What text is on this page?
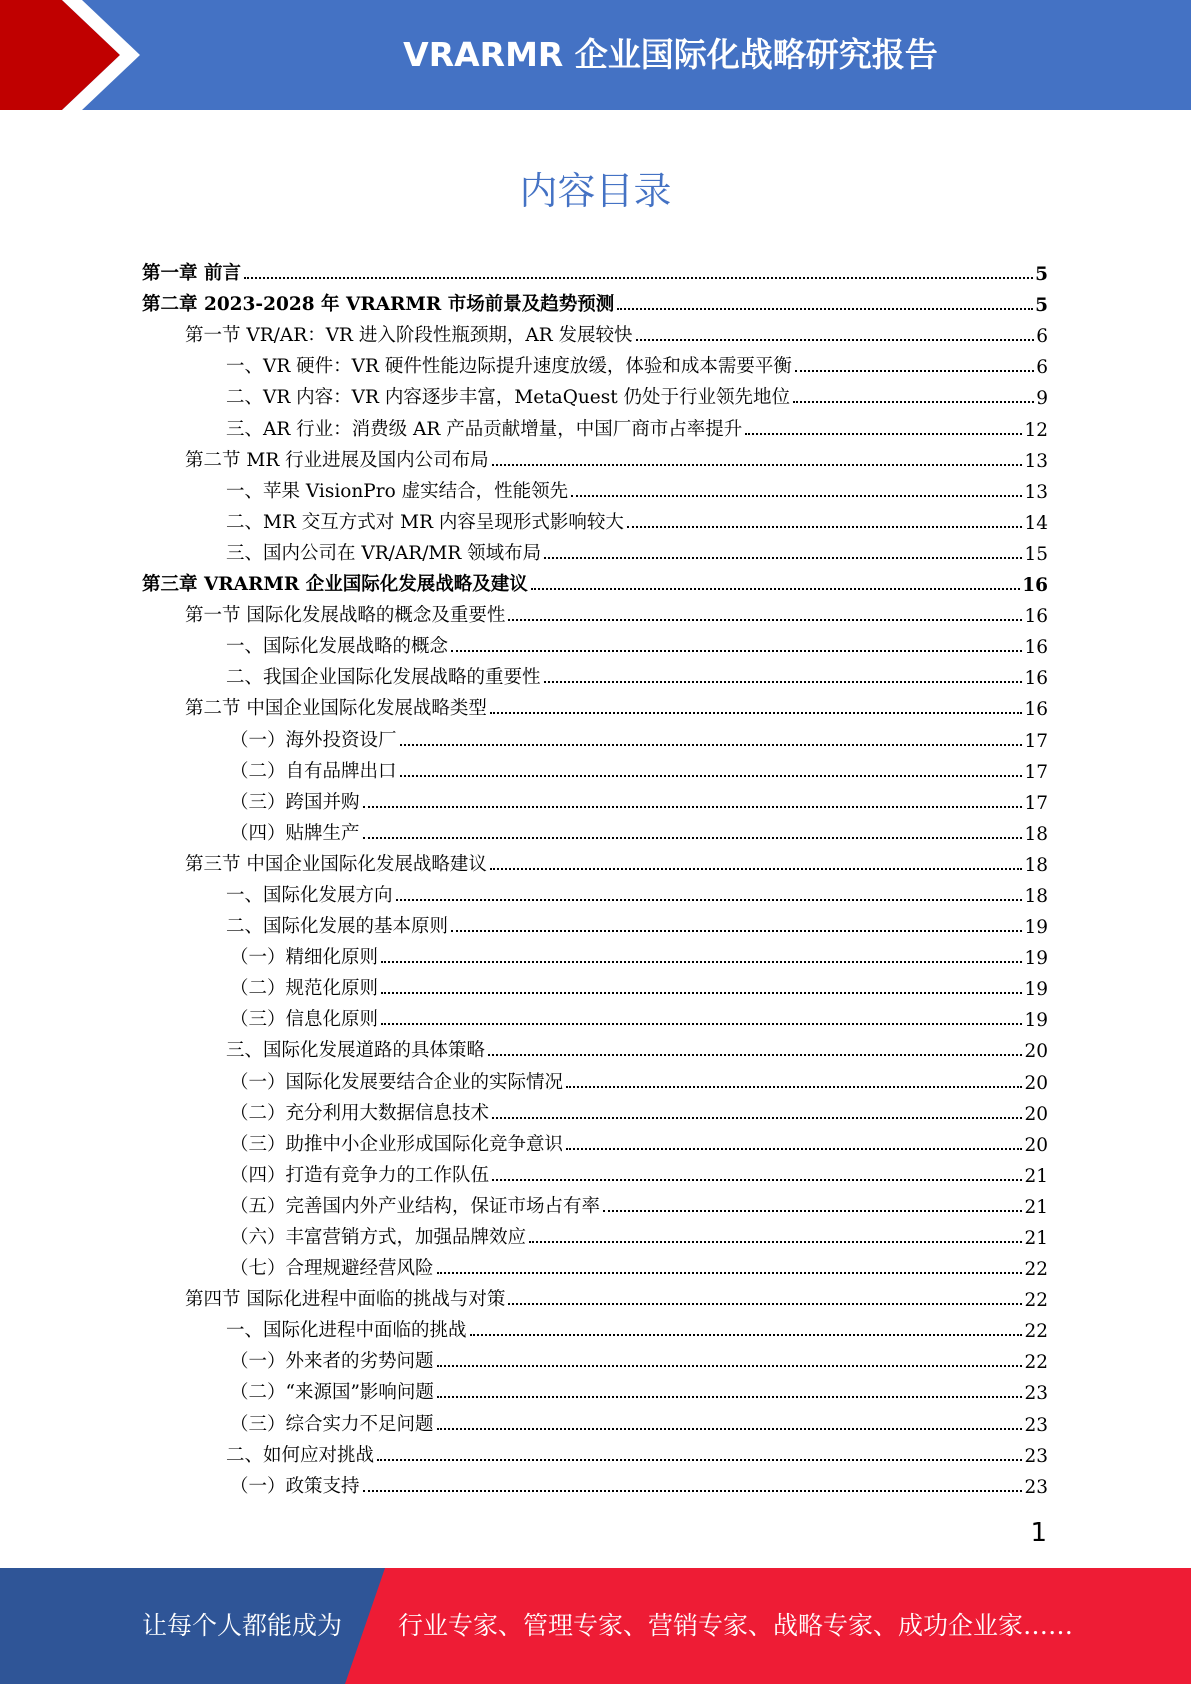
VRARMR 企业国际化战略研究报告
内容目录
第一章 前言	5
第二章 2023-2028 年 VRARMR 市场前景及趋势预测	5
第一节 VR/AR：VR 进入阶段性瓶颈期，AR 发展较快	6
一、VR 硬件：VR 硬件性能边际提升速度放缓，体验和成本需要平衡	6
二、VR 内容：VR 内容逐步丰富，MetaQuest 仍处于行业领先地位	9
三、AR 行业：消费级 AR 产品贡献增量，中国厂商市占率提升	12
第二节 MR 行业进展及国内公司布局	13
一、苹果 VisionPro 虚实结合，性能领先	13
二、MR 交互方式对 MR 内容呈现形式影响较大	14
三、国内公司在 VR/AR/MR 领域布局	15
第三章 VRARMR 企业国际化发展战略及建议	16
第一节 国际化发展战略的概念及重要性	16
一、国际化发展战略的概念	16
二、我国企业国际化发展战略的重要性	16
第二节 中国企业国际化发展战略类型	16
（一）海外投资设厂	17
（二）自有品牌出口	17
（三）跨国并购	17
（四）贴牌生产	18
第三节 中国企业国际化发展战略建议	18
一、国际化发展方向	18
二、国际化发展的基本原则	19
（一）精细化原则	19
（二）规范化原则	19
（三）信息化原则	19
三、国际化发展道路的具体策略	20
（一）国际化发展要结合企业的实际情况	20
（二）充分利用大数据信息技术	20
（三）助推中小企业形成国际化竞争意识	20
（四）打造有竞争力的工作队伍	21
（五）完善国内外产业结构，保证市场占有率	21
（六）丰富营销方式，加强品牌效应	21
（七）合理规避经营风险	22
第四节 国际化进程中面临的挑战与对策	22
一、国际化进程中面临的挑战	22
（一）外来者的劣势问题	22
（二）“来源国”影响问题	23
（三）综合实力不足问题	23
二、如何应对挑战	23
（一）政策支持	23
1
让每个人都能成为 行业专家、管理专家、营销专家、战略专家、成功企业家……
